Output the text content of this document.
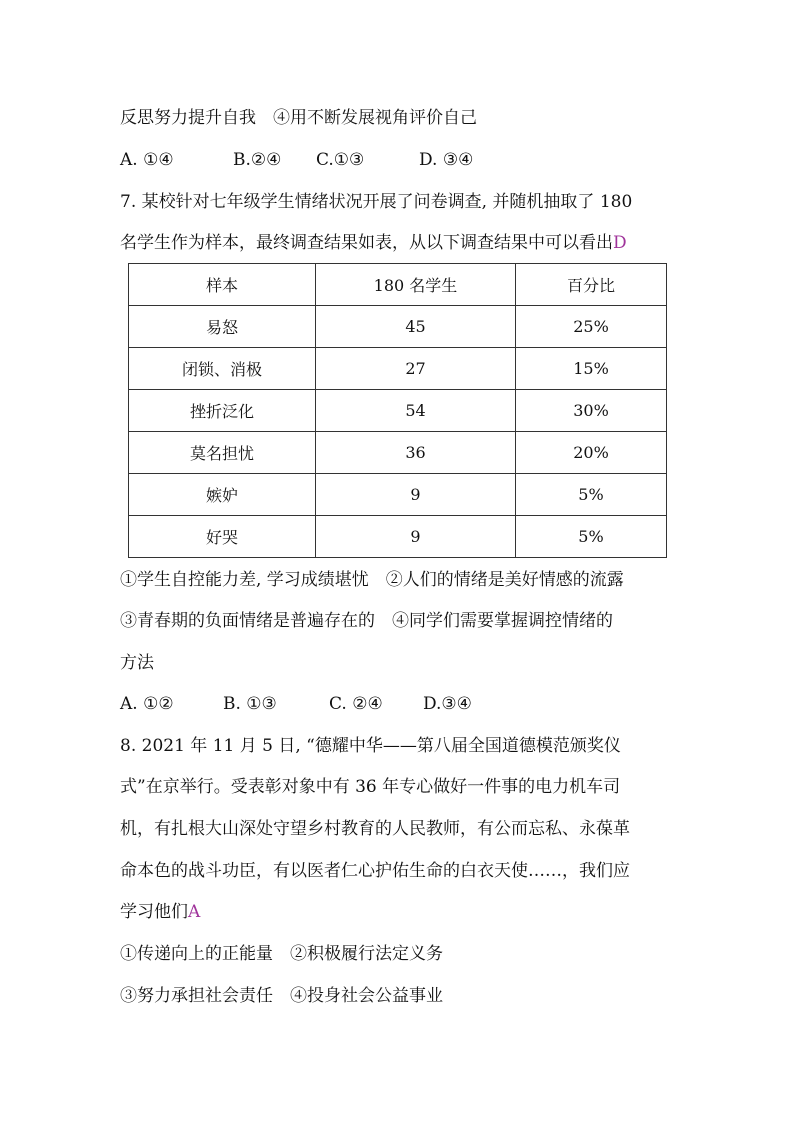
反思努力提升自我　④用不断发展视角评价自己
A. ①④	B.②④ C.①③	D. ③④
7. 某校针对七年级学生情绪状况开展了问卷调查, 并随机抽取了 180
名学生作为样本，最终调查结果如表，从以下调查结果中可以看出D
样本	180 名学生	百分比
易怒	45	25%
闭锁、消极	27	15%
挫折泛化	54	30%
莫名担忧	36	20%
嫉妒	9	5%
好哭	9	5%
①学生自控能力差, 学习成绩堪忧　②人们的情绪是美好情感的流露
③青春期的负面情绪是普遍存在的　④同学们需要掌握调控情绪的
方法
A. ①②	B. ①③	C. ②④ D.③④
8. 2021 年 11 月 5 日, “德耀中华——第八届全国道德模范颁奖仪
式”在京举行。受表彰对象中有 36 年专心做好一件事的电力机车司
机，有扎根大山深处守望乡村教育的人民教师，有公而忘私、永葆革
命本色的战斗功臣，有以医者仁心护佑生命的白衣天使……，我们应
学习他们A
①传递向上的正能量　②积极履行法定义务
③努力承担社会责任　④投身社会公益事业
